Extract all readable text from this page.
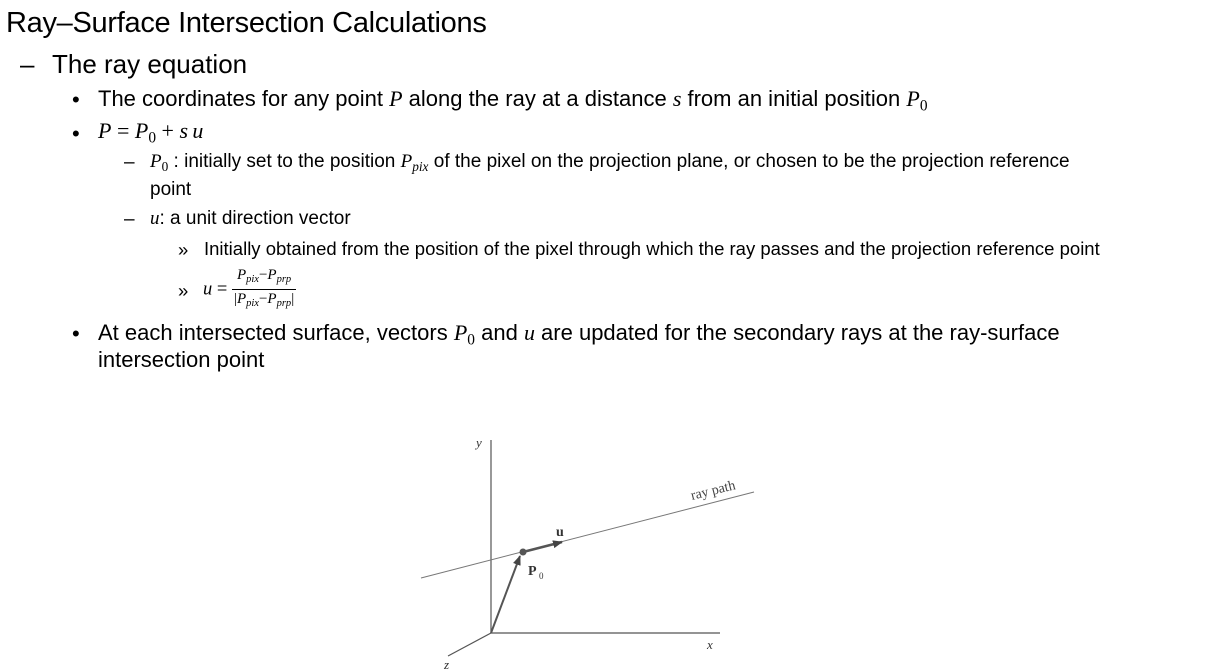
Ray–Surface Intersection Calculations
– The ray equation
• The coordinates for any point P along the ray at a distance s from an initial position $P_0$
• $P = P_0 + s$  u
– $P_0$ : initially set to the position $P_{pix}$ of the pixel on the projection plane, or chosen to be the projection reference
point
– u: a unit direction vector
» Initially obtained from the position of the pixel through which the ray passes and the projection reference point
» $u = \frac{P_{pix}-P_{prp}}{|P_{pix}-P_{prp}|}$
• At each intersected surface, vectors $P_0$ and u are updated for the secondary rays at the ray-surface
intersection point
y
x
z
u
P 0
ray path
